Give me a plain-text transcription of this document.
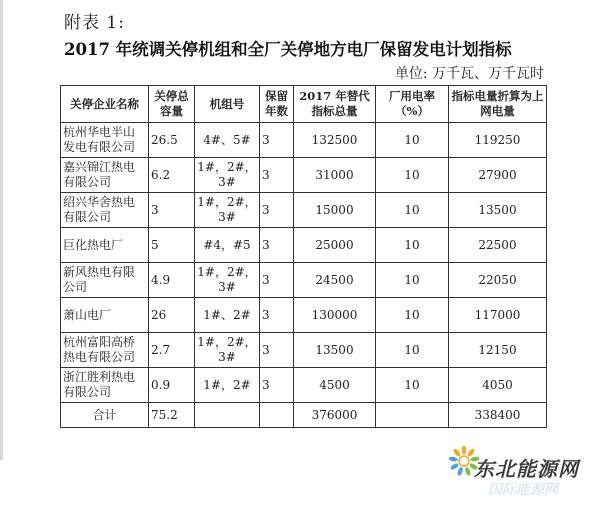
附表 1:
2017 年统调关停机组和全厂关停地方电厂保留发电计划指标
单位: 万千瓦、万千瓦时
关停企业名称	关停总容量	机组号	保留年数	2017 年替代指标总量	厂用电率（%）	指标电量折算为上网电量
杭州华电半山发电有限公司	26.5	4#、5#	3	132500	10	119250
嘉兴锦江热电有限公司	6.2	1#，2#，3#	3	31000	10	27900
绍兴华舍热电有限公司	3	1#，2#，3#	3	15000	10	13500
巨化热电厂	5	#4，#5	3	25000	10	22500
新风热电有限公司	4.9	1#，2#，3#	3	24500	10	22050
萧山电厂	26	1#、2#	3	130000	10	117000
杭州富阳高桥热电有限公司	2.7	1#，2#，3#	3	13500	10	12150
浙江胜利热电有限公司	0.9	1#，2#	3	4500	10	4050
合计	75.2			376000		338400
东北能源网
国际能源网
